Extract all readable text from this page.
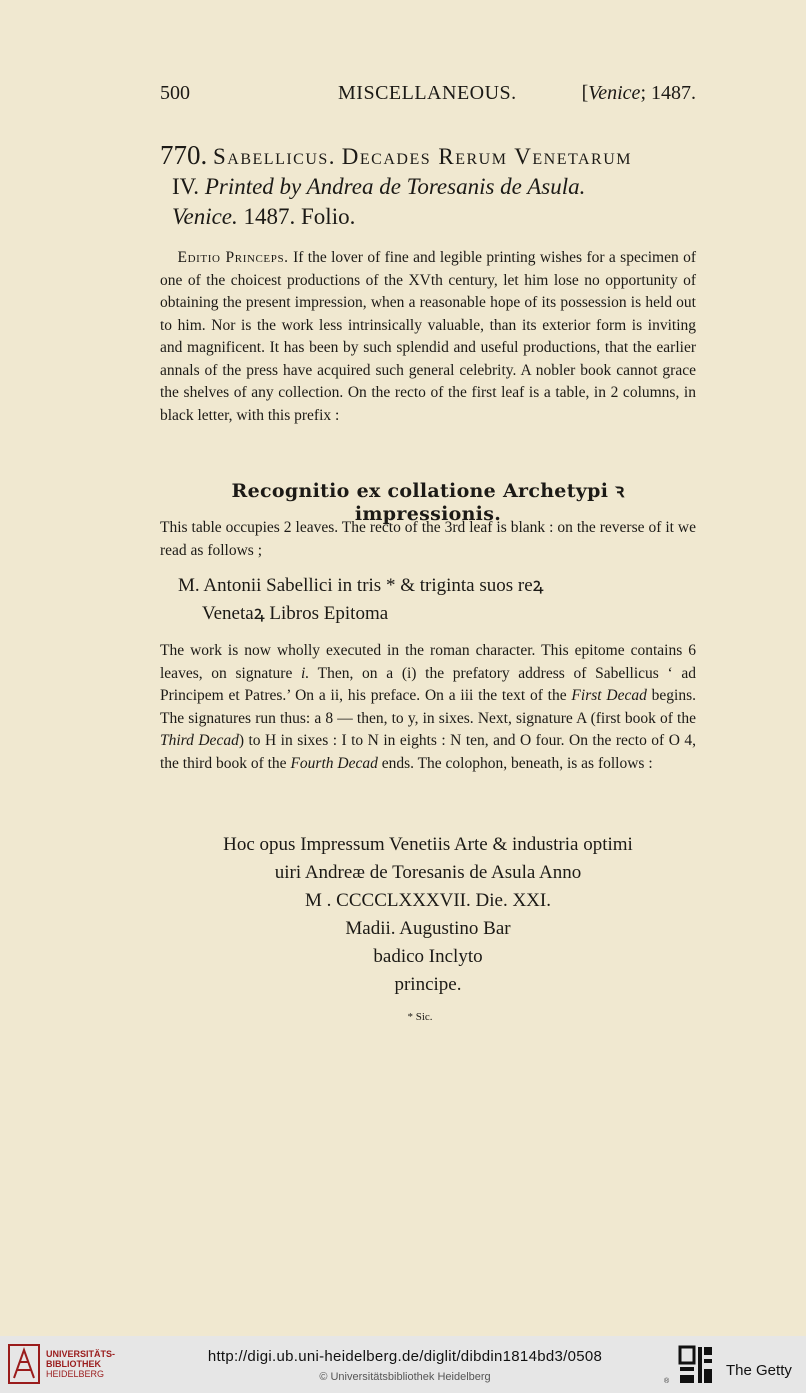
500	MISCELLANEOUS.	[Venice; 1487.
770. Sabellicus. Decades Rerum Venetarum
IV. Printed by Andrea de Toresanis de Asula.
Venice. 1487. Folio.

Editio Princeps. If the lover of fine and legible printing wishes for a specimen of one of the choicest productions of the XVth century, let him lose no opportunity of obtaining the present impression, when a reasonable hope of its possession is held out to him. Nor is the work less intrinsically valuable, than its exterior form is inviting and magnificent. It has been by such splendid and useful productions, that the earlier annals of the press have acquired such general celebrity. A nobler book cannot grace the shelves of any collection. On the recto of the first leaf is a table, in 2 columns, in black letter, with this prefix :

Recognitio ex collatione Archetypi ꝛ impressionis.

This table occupies 2 leaves. The recto of the 3rd leaf is blank : on the reverse of it we read as follows ;

M. Antonii Sabellici in tris * & triginta suos reꝝ
Venetaꝝ Libros Epitoma

The work is now wholly executed in the roman character. This epitome contains 6 leaves, on signature i. Then, on a (i) the prefatory address of Sabellicus ‘ ad Principem et Patres.’ On a ii, his preface. On a iii the text of the First Decad begins. The signatures run thus: a 8 — then, to y, in sixes. Next, signature A (first book of the Third Decad) to H in sixes : I to N in eights : N ten, and O four. On the recto of O 4, the third book of the Fourth Decad ends. The colophon, beneath, is as follows :

Hoc opus Impressum Venetiis Arte & industria optimi
uiri Andreæ de Toresanis de Asula Anno
M . CCCCLXXXVII. Die. XXI.
Madii. Augustino Bar
badico Inclyto
principe.
* Sic.
UNIVERSITÄTS-
BIBLIOTHEK
HEIDELBERG
http://digi.ub.uni-heidelberg.de/diglit/dibdin1814bd3/0508
© Universitätsbibliothek Heidelberg	®
The Getty
